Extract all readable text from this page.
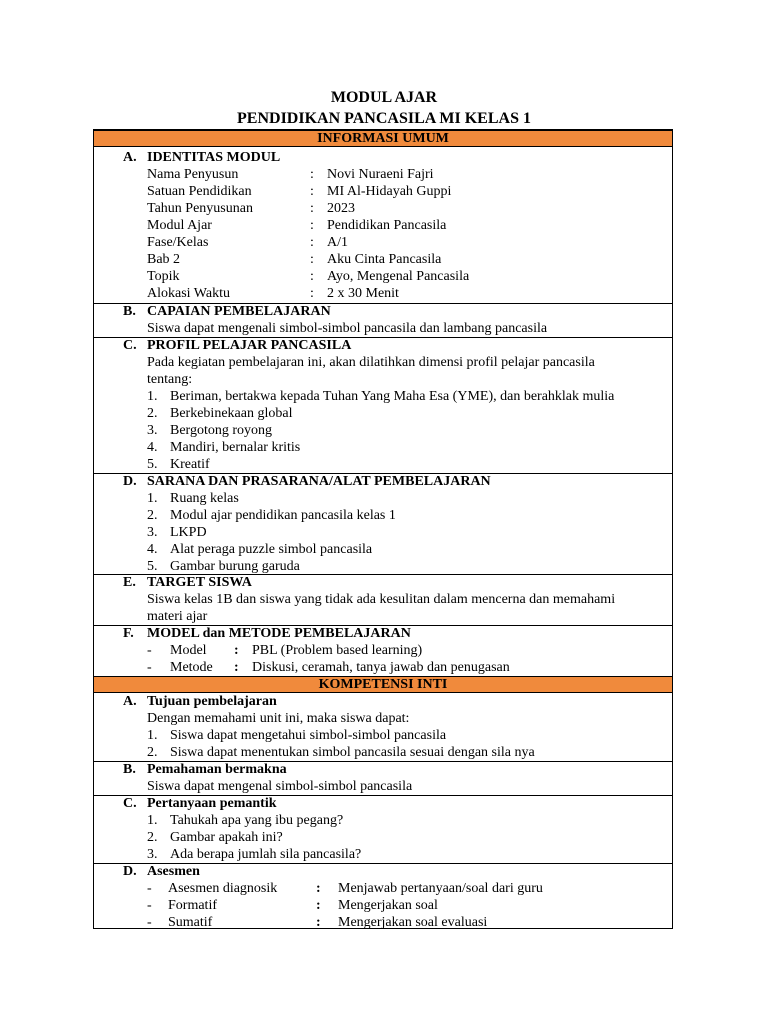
MODUL AJAR
PENDIDIKAN PANCASILA MI KELAS 1
INFORMASI UMUM
A. IDENTITAS MODUL
Nama Penyusun	: Novi Nuraeni Fajri
Satuan Pendidikan	: MI Al-Hidayah Guppi
Tahun Penyusunan	: 2023
Modul Ajar	: Pendidikan Pancasila
Fase/Kelas	: A/1
Bab 2	: Aku Cinta Pancasila
Topik	: Ayo, Mengenal Pancasila
Alokasi Waktu	: 2 x 30 Menit
B. CAPAIAN PEMBELAJARAN
Siswa dapat mengenali simbol-simbol pancasila dan lambang pancasila
C. PROFIL PELAJAR PANCASILA
Pada kegiatan pembelajaran ini, akan dilatihkan dimensi profil pelajar pancasila
tentang:
1. Beriman, bertakwa kepada Tuhan Yang Maha Esa (YME), dan berahklak mulia
2. Berkebinekaan global
3. Bergotong royong
4. Mandiri, bernalar kritis
5. Kreatif
D. SARANA DAN PRASARANA/ALAT PEMBELAJARAN
1. Ruang kelas
2. Modul ajar pendidikan pancasila kelas 1
3. LKPD
4. Alat peraga puzzle simbol pancasila
5. Gambar burung garuda
E. TARGET SISWA
Siswa kelas 1B dan siswa yang tidak ada kesulitan dalam mencerna dan memahami
materi ajar
F. MODEL dan METODE PEMBELAJARAN
- Model : PBL (Problem based learning)
- Metode : Diskusi, ceramah, tanya jawab dan penugasan
KOMPETENSI INTI
A. Tujuan pembelajaran
Dengan memahami unit ini, maka siswa dapat:
1. Siswa dapat mengetahui simbol-simbol pancasila
2. Siswa dapat menentukan simbol pancasila sesuai dengan sila nya
B. Pemahaman bermakna
Siswa dapat mengenal simbol-simbol pancasila
C. Pertanyaan pemantik
1. Tahukah apa yang ibu pegang?
2. Gambar apakah ini?
3. Ada berapa jumlah sila pancasila?
D. Asesmen
- Asesmen diagnosik	: Menjawab pertanyaan/soal dari guru
- Formatif	: Mengerjakan soal
- Sumatif	: Mengerjakan soal evaluasi
